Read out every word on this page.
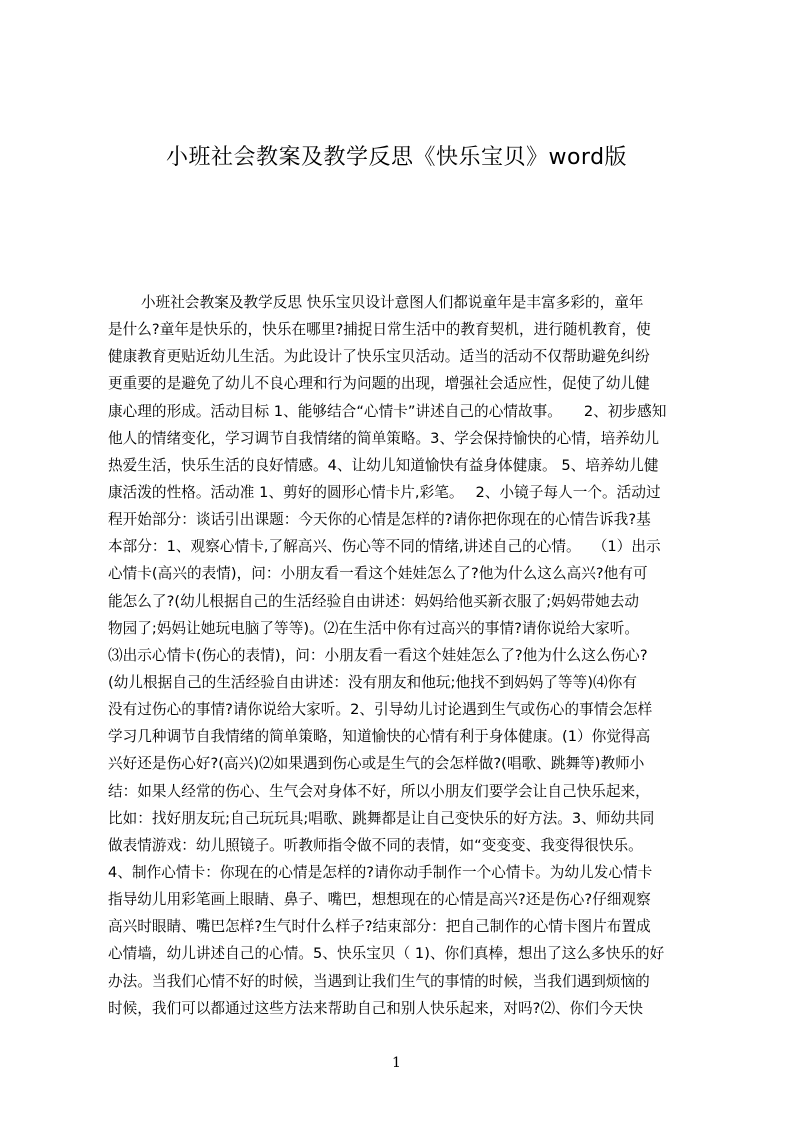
小班社会教案及教学反思《快乐宝贝》word版
小班社会教案及教学反思 快乐宝贝设计意图人们都说童年是丰富多彩的，童年
是什么?童年是快乐的，快乐在哪里?捕捉日常生活中的教育契机，进行随机教育，使
健康教育更贴近幼儿生活。为此设计了快乐宝贝活动。适当的活动不仅帮助避免纠纷
更重要的是避免了幼儿不良心理和行为问题的出现，增强社会适应性，促使了幼儿健
康心理的形成。活动目标 1、能够结合“心情卡”讲述自己的心情故事。　　2、初步感知
他人的情绪变化，学习调节自我情绪的简单策略。3、学会保持愉快的心情，培养幼儿
热爱生活，快乐生活的良好情感。4、让幼儿知道愉快有益身体健康。 5、培养幼儿健
康活泼的性格。活动准 1、剪好的圆形心情卡片,彩笔。　 2、小镜子每人一个。活动过
程开始部分：谈话引出课题：今天你的心情是怎样的?请你把你现在的心情告诉我?基
本部分：1、观察心情卡,了解高兴、伤心等不同的情绪,讲述自己的心情。　 （1）出示
心情卡(高兴的表情)，问：小朋友看一看这个娃娃怎么了?他为什么这么高兴?他有可
能怎么了?(幼儿根据自己的生活经验自由讲述：妈妈给他买新衣服了;妈妈带她去动
物园了;妈妈让她玩电脑了等等)。⑵在生活中你有过高兴的事情?请你说给大家听。
⑶出示心情卡(伤心的表情)，问：小朋友看一看这个娃娃怎么了?他为什么这么伤心?
(幼儿根据自己的生活经验自由讲述：没有朋友和他玩;他找不到妈妈了等等)⑷你有
没有过伤心的事情?请你说给大家听。2、引导幼儿讨论遇到生气或伤心的事情会怎样
学习几种调节自我情绪的简单策略，知道愉快的心情有利于身体健康。(1）你觉得高
兴好还是伤心好?(高兴)⑵如果遇到伤心或是生气的会怎样做?(唱歌、跳舞等)教师小
结：如果人经常的伤心、生气会对身体不好，所以小朋友们要学会让自己快乐起来，
比如：找好朋友玩;自己玩玩具;唱歌、跳舞都是让自己变快乐的好方法。3、师幼共同
做表情游戏：幼儿照镜子。听教师指令做不同的表情，如“变变变、我变得很快乐。
4、制作心情卡：你现在的心情是怎样的?请你动手制作一个心情卡。为幼儿发心情卡
指导幼儿用彩笔画上眼睛、鼻子、嘴巴，想想现在的心情是高兴?还是伤心?仔细观察
高兴时眼睛、嘴巴怎样?生气时什么样子?结束部分：把自己制作的心情卡图片布置成
心情墙，幼儿讲述自己的心情。5、快乐宝贝（ 1)、你们真棒，想出了这么多快乐的好
办法。当我们心情不好的时候，当遇到让我们生气的事情的时候，当我们遇到烦恼的
时候，我们可以都通过这些方法来帮助自己和别人快乐起来，对吗?⑵、你们今天快
1
